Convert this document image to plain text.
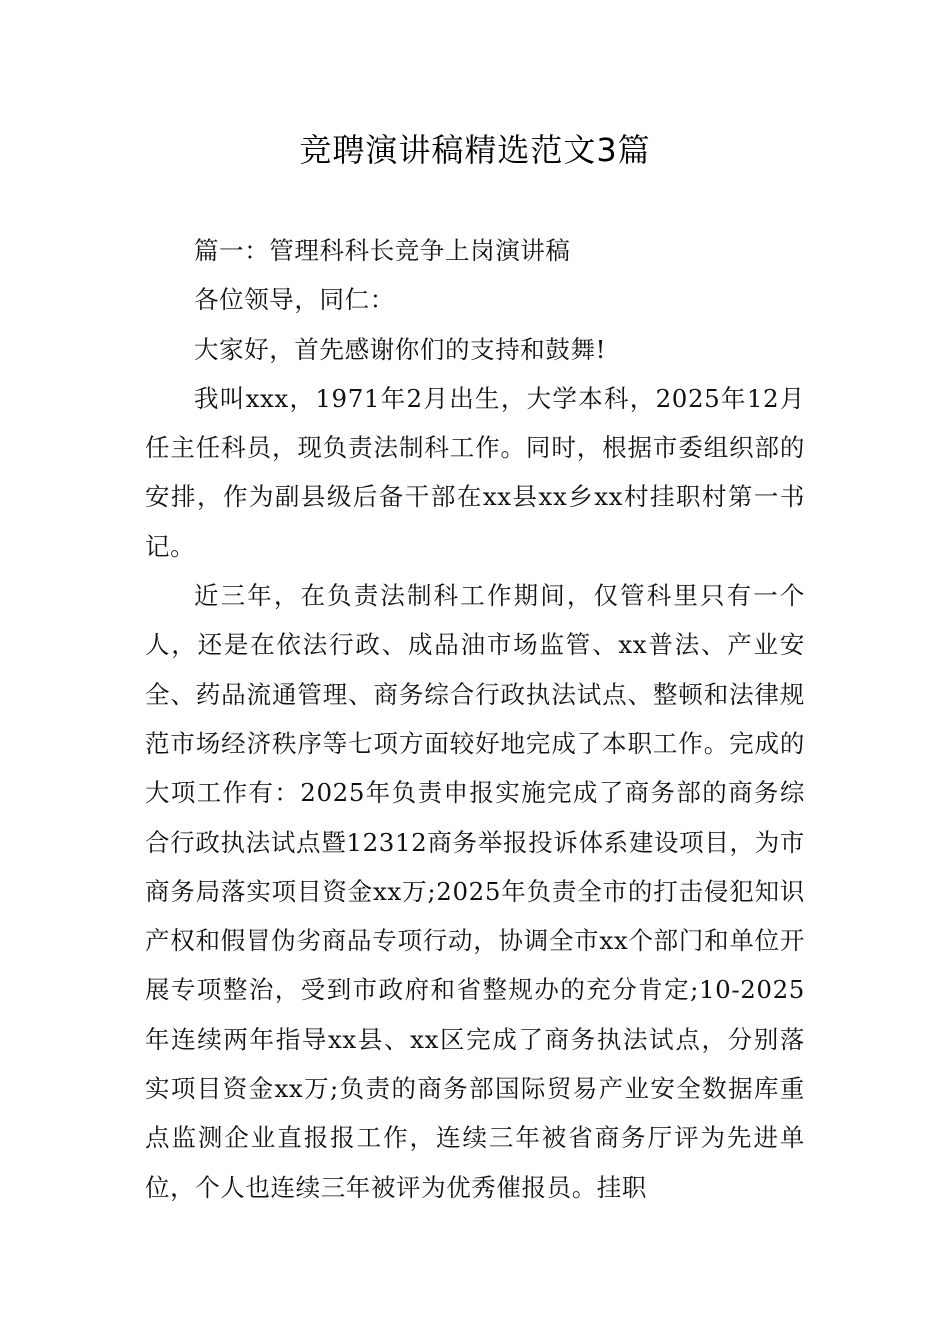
竞聘演讲稿精选范文3篇

篇一：管理科科长竞争上岗演讲稿

各位领导，同仁：

大家好，首先感谢你们的支持和鼓舞!

我叫xxx，1971年2月出生，大学本科，2025年12月任主任科员，现负责法制科工作。同时，根据市委组织部的安排，作为副县级后备干部在xx县xx乡xx村挂职村第一书记。

近三年，在负责法制科工作期间，仅管科里只有一个人，还是在依法行政、成品油市场监管、xx普法、产业安全、药品流通管理、商务综合行政执法试点、整顿和法律规范市场经济秩序等七项方面较好地完成了本职工作。完成的大项工作有：2025年负责申报实施完成了商务部的商务综合行政执法试点暨12312商务举报投诉体系建设项目，为市商务局落实项目资金xx万;2025年负责全市的打击侵犯知识产权和假冒伪劣商品专项行动，协调全市xx个部门和单位开展专项整治，受到市政府和省整规办的充分肯定;10-2025年连续两年指导xx县、xx区完成了商务执法试点，分别落实项目资金xx万;负责的商务部国际贸易产业安全数据库重点监测企业直报报工作，连续三年被省商务厅评为先进单位，个人也连续三年被评为优秀催报员。挂职
